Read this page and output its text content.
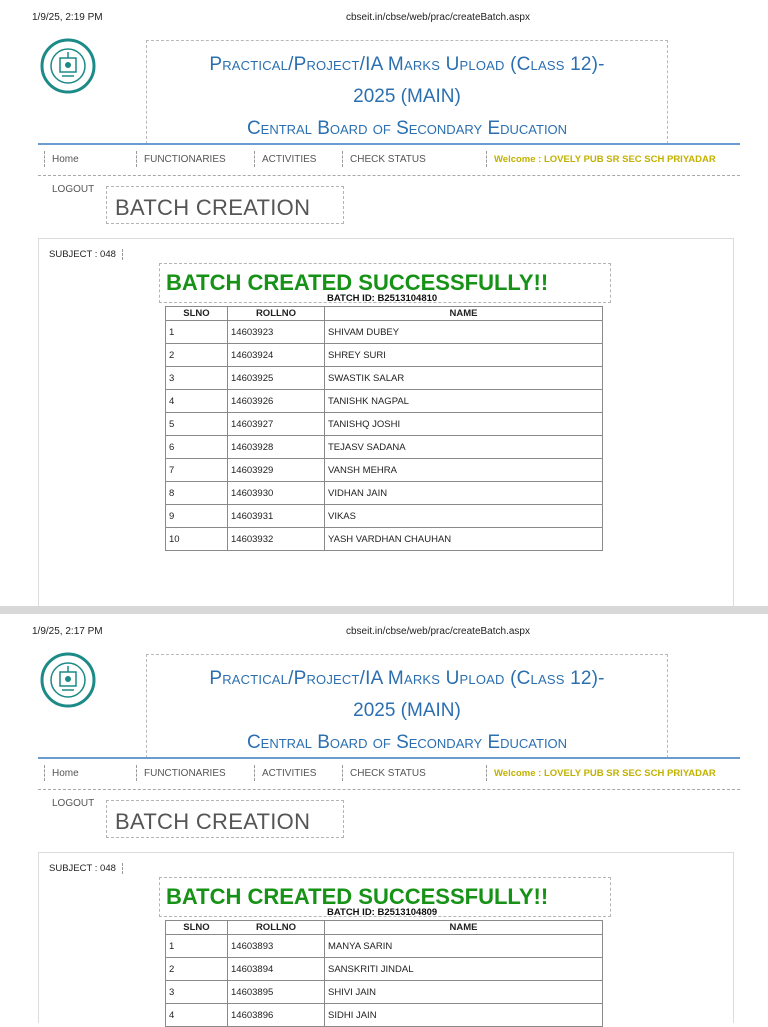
1/9/25, 2:19 PM	cbseit.in/cbse/web/prac/createBatch.aspx
Practical/Project/IA Marks Upload (Class 12)-
2025 (MAIN)
Central Board of Secondary Education
Home	FUNCTIONARIES	ACTIVITIES	CHECK STATUS	Welcome : LOVELY PUB SR SEC SCH PRIYADAR
LOGOUT
BATCH CREATION
SUBJECT : 048
BATCH CREATED SUCCESSFULLY!!
BATCH ID: B2513104810
SLNO	ROLLNO	NAME
1	14603923	SHIVAM DUBEY
2	14603924	SHREY SURI
3	14603925	SWASTIK SALAR
4	14603926	TANISHK NAGPAL
5	14603927	TANISHQ JOSHI
6	14603928	TEJASV SADANA
7	14603929	VANSH MEHRA
8	14603930	VIDHAN JAIN
9	14603931	VIKAS
10	14603932	YASH VARDHAN CHAUHAN
1/9/25, 2:17 PM	cbseit.in/cbse/web/prac/createBatch.aspx
Practical/Project/IA Marks Upload (Class 12)-
2025 (MAIN)
Central Board of Secondary Education
Home	FUNCTIONARIES	ACTIVITIES	CHECK STATUS	Welcome : LOVELY PUB SR SEC SCH PRIYADAR
LOGOUT
BATCH CREATION
SUBJECT : 048
BATCH CREATED SUCCESSFULLY!!
BATCH ID: B2513104809
SLNO	ROLLNO	NAME
1	14603893	MANYA SARIN
2	14603894	SANSKRITI JINDAL
3	14603895	SHIVI JAIN
4	14603896	SIDHI JAIN
